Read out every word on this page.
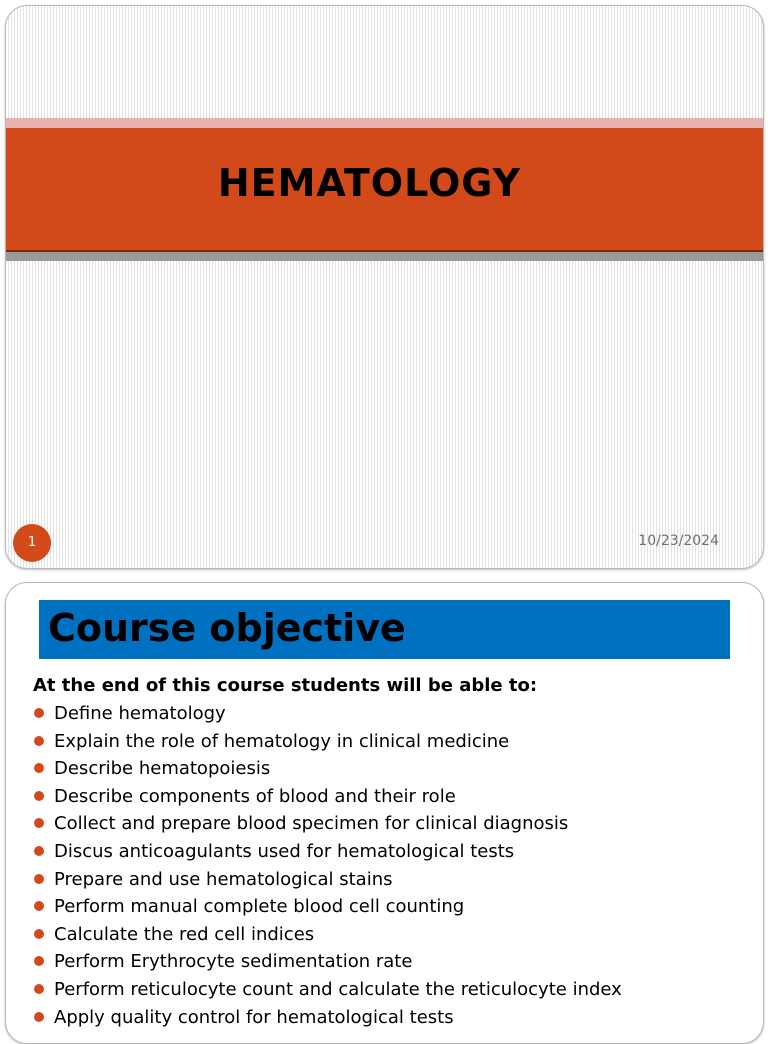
HEMATOLOGY
1	10/23/2024
Course objective
At the end of this course students will be able to:
Define hematology
Explain the role of hematology in clinical medicine
Describe hematopoiesis
Describe components of blood and their role
Collect and prepare blood specimen for clinical diagnosis
Discus anticoagulants used for hematological tests
Prepare and use hematological stains
Perform manual complete blood cell counting
Calculate the red cell indices
Perform Erythrocyte sedimentation rate
Perform reticulocyte count and calculate the reticulocyte index
Apply quality control for hematological tests
